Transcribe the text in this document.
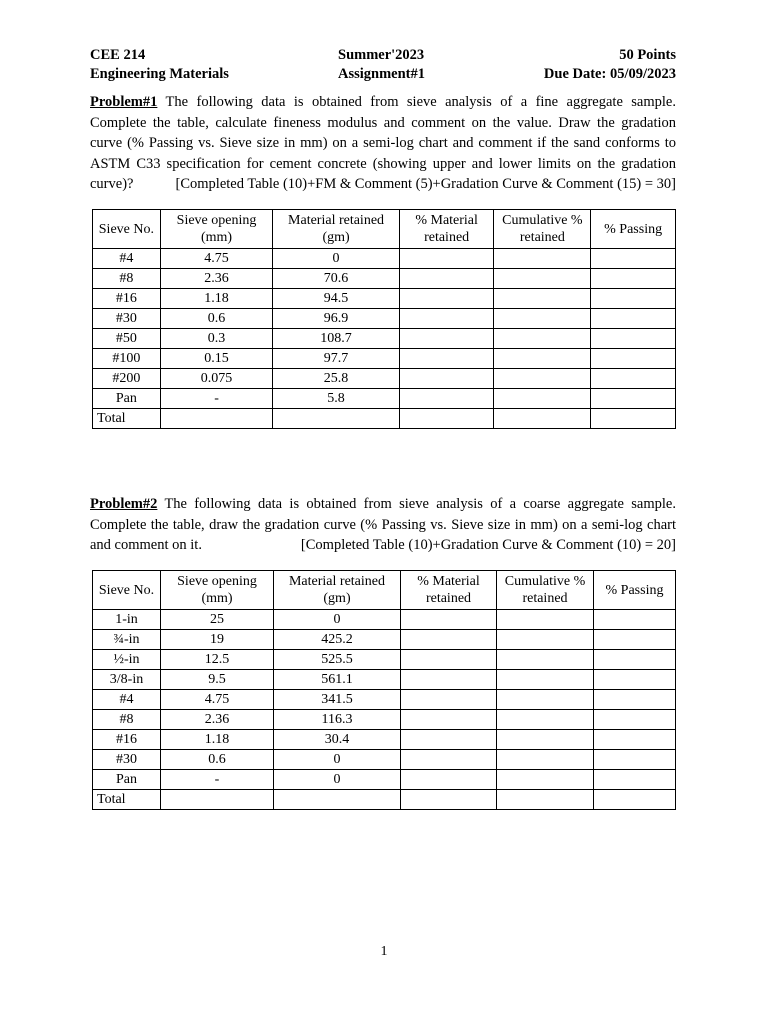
CEE 214
Engineering Materials
Summer'2023
Assignment#1
50 Points
Due Date: 05/09/2023
Problem#1 The following data is obtained from sieve analysis of a fine aggregate sample.
Complete the table, calculate fineness modulus and comment on the value. Draw the gradation
curve (% Passing vs. Sieve size in mm) on a semi-log chart and comment if the sand conforms to
ASTM C33 specification for cement concrete (showing upper and lower limits on the gradation
curve)?	[Completed Table (10)+FM & Comment (5)+Gradation Curve & Comment (15) = 30]
Sieve No.	Sieve opening (mm)	Material retained (gm)	% Material retained	Cumulative % retained	% Passing
#4	4.75	0			
#8	2.36	70.6			
#16	1.18	94.5			
#30	0.6	96.9			
#50	0.3	108.7			
#100	0.15	97.7			
#200	0.075	25.8			
Pan	-	5.8			
Total					
Problem#2 The following data is obtained from sieve analysis of a coarse aggregate sample.
Complete the table, draw the gradation curve (% Passing vs. Sieve size in mm) on a semi-log chart
and comment on it.	[Completed Table (10)+Gradation Curve & Comment (10) = 20]
Sieve No.	Sieve opening (mm)	Material retained (gm)	% Material retained	Cumulative % retained	% Passing
1-in	25	0			
¾-in	19	425.2			
½-in	12.5	525.5			
3/8-in	9.5	561.1			
#4	4.75	341.5			
#8	2.36	116.3			
#16	1.18	30.4			
#30	0.6	0			
Pan	-	0			
Total					
1
